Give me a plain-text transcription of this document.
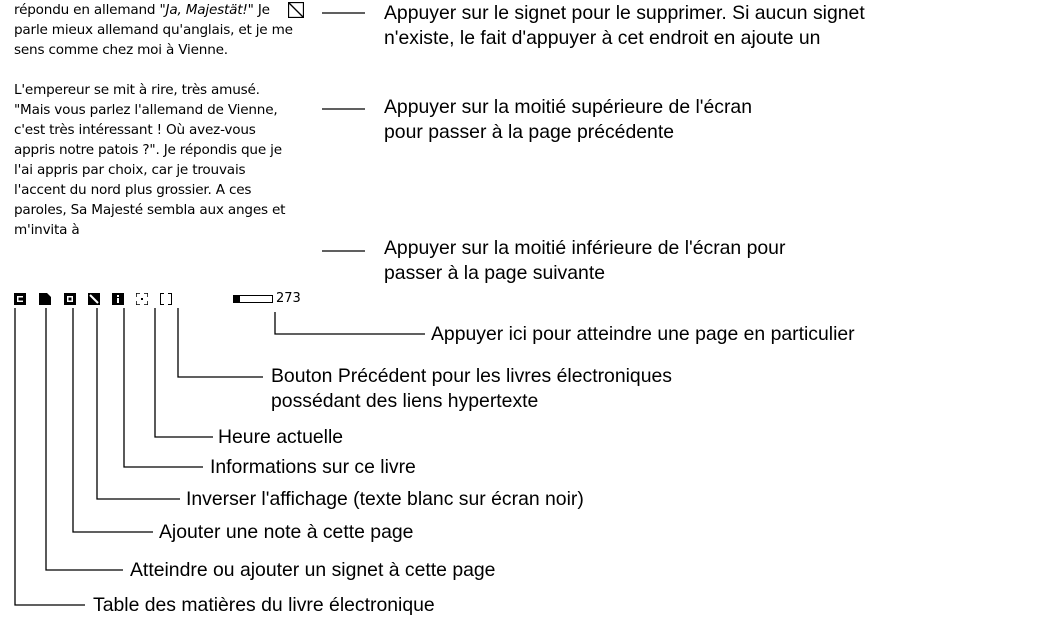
répondu en allemand "Ja, Majestät!" Je parle mieux allemand qu'anglais, et je me sens comme chez moi à Vienne.

L'empereur se mit à rire, très amusé. "Mais vous parlez l'allemand de Vienne, c'est très intéressant ! Où avez-vous appris notre patois ?". Je répondis que je l'ai appris par choix, car je trouvais l'accent du nord plus grossier. A ces paroles, Sa Majesté sembla aux anges et m'invita à

273
Appuyer sur le signet pour le supprimer. Si aucun signet
n'existe, le fait d'appuyer à cet endroit en ajoute un
Appuyer sur la moitié supérieure de l'écran
pour passer à la page précédente
Appuyer sur la moitié inférieure de l'écran pour
passer à la page suivante
Appuyer ici pour atteindre une page en particulier
Bouton Précédent pour les livres électroniques
possédant des liens hypertexte
Heure actuelle
Informations sur ce livre
Inverser l'affichage (texte blanc sur écran noir)
Ajouter une note à cette page
Atteindre ou ajouter un signet à cette page
Table des matières du livre électronique
